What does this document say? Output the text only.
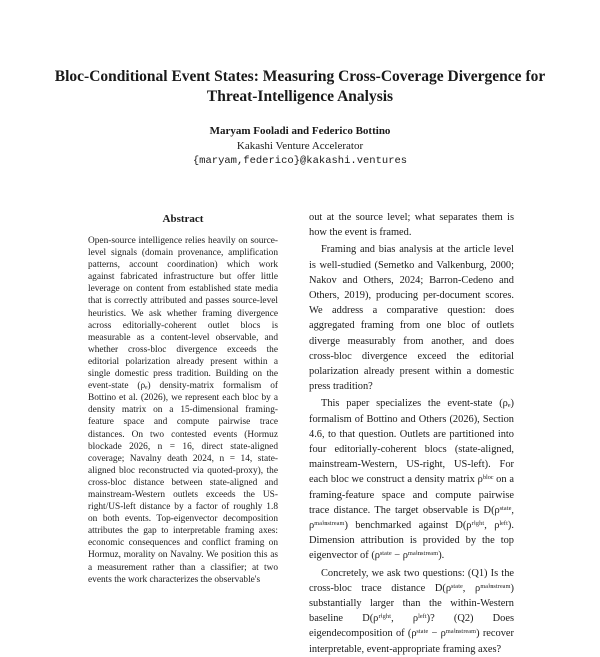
Bloc-Conditional Event States: Measuring Cross-Coverage Divergence for Threat-Intelligence Analysis
Maryam Fooladi and Federico Bottino
Kakashi Venture Accelerator
{maryam,federico}@kakashi.ventures
Abstract
Open-source intelligence relies heavily on source-level signals (domain provenance, amplification patterns, account coordination) which work against fabricated infrastructure but offer little leverage on content from established state media that is correctly attributed and passes source-level heuristics. We ask whether framing divergence across editorially-coherent outlet blocs is measurable as a content-level observable, and whether cross-bloc divergence exceeds the editorial polarization already present within a single domestic press tradition. Building on the event-state (ρₑ) density-matrix formalism of Bottino et al. (2026), we represent each bloc by a density matrix on a 15-dimensional framing-feature space and compute pairwise trace distances. On two contested events (Hormuz blockade 2026, n = 16, direct state-aligned coverage; Navalny death 2024, n = 14, state-aligned bloc reconstructed via quoted-proxy), the cross-bloc distance between state-aligned and mainstream-Western outlets exceeds the US-right/US-left distance by a factor of roughly 1.8 on both events. Top-eigenvector decomposition attributes the gap to interpretable framing axes: economic consequences and conflict framing on Hormuz, morality on Navalny. We position this as a measurement rather than a classifier; at two events the work characterizes the observable's

out at the source level; what separates them is how the event is framed.

Framing and bias analysis at the article level is well-studied (Semetko and Valkenburg, 2000; Nakov and Others, 2024; Barron-Cedeno and Others, 2019), producing per-document scores. We address a comparative question: does aggregated framing from one bloc of outlets diverge measurably from another, and does cross-bloc divergence exceed the editorial polarization already present within a domestic press tradition?

This paper specializes the event-state (ρₑ) formalism of Bottino and Others (2026), Section 4.6, to that question. Outlets are partitioned into four editorially-coherent blocs (state-aligned, mainstream-Western, US-right, US-left). For each bloc we construct a density matrix ρᵇˡᵒᶜ on a framing-feature space and compute pairwise trace distance. The target observable is D(ρˢᵗᵃᵗᵉ, ρᵐᵃⁱⁿˢᵗʳᵉᵃᵐ) benchmarked against D(ρʳⁱᵍʰᵗ, ρˡᵉᶠᵗ). Dimension attribution is provided by the top eigenvector of (ρˢᵗᵃᵗᵉ − ρᵐᵃⁱⁿˢᵗʳᵉᵃᵐ).

Concretely, we ask two questions: (Q1) Is the cross-bloc trace distance D(ρˢᵗᵃᵗᵉ, ρᵐᵃⁱⁿˢᵗʳᵉᵃᵐ) substantially larger than the within-Western baseline D(ρʳⁱᵍʰᵗ, ρˡᵉᶠᵗ)? (Q2) Does eigendecomposition of (ρˢᵗᵃᵗᵉ − ρᵐᵃⁱⁿˢᵗʳᵉᵃᵐ) recover interpretable, event-appropriate framing axes?
